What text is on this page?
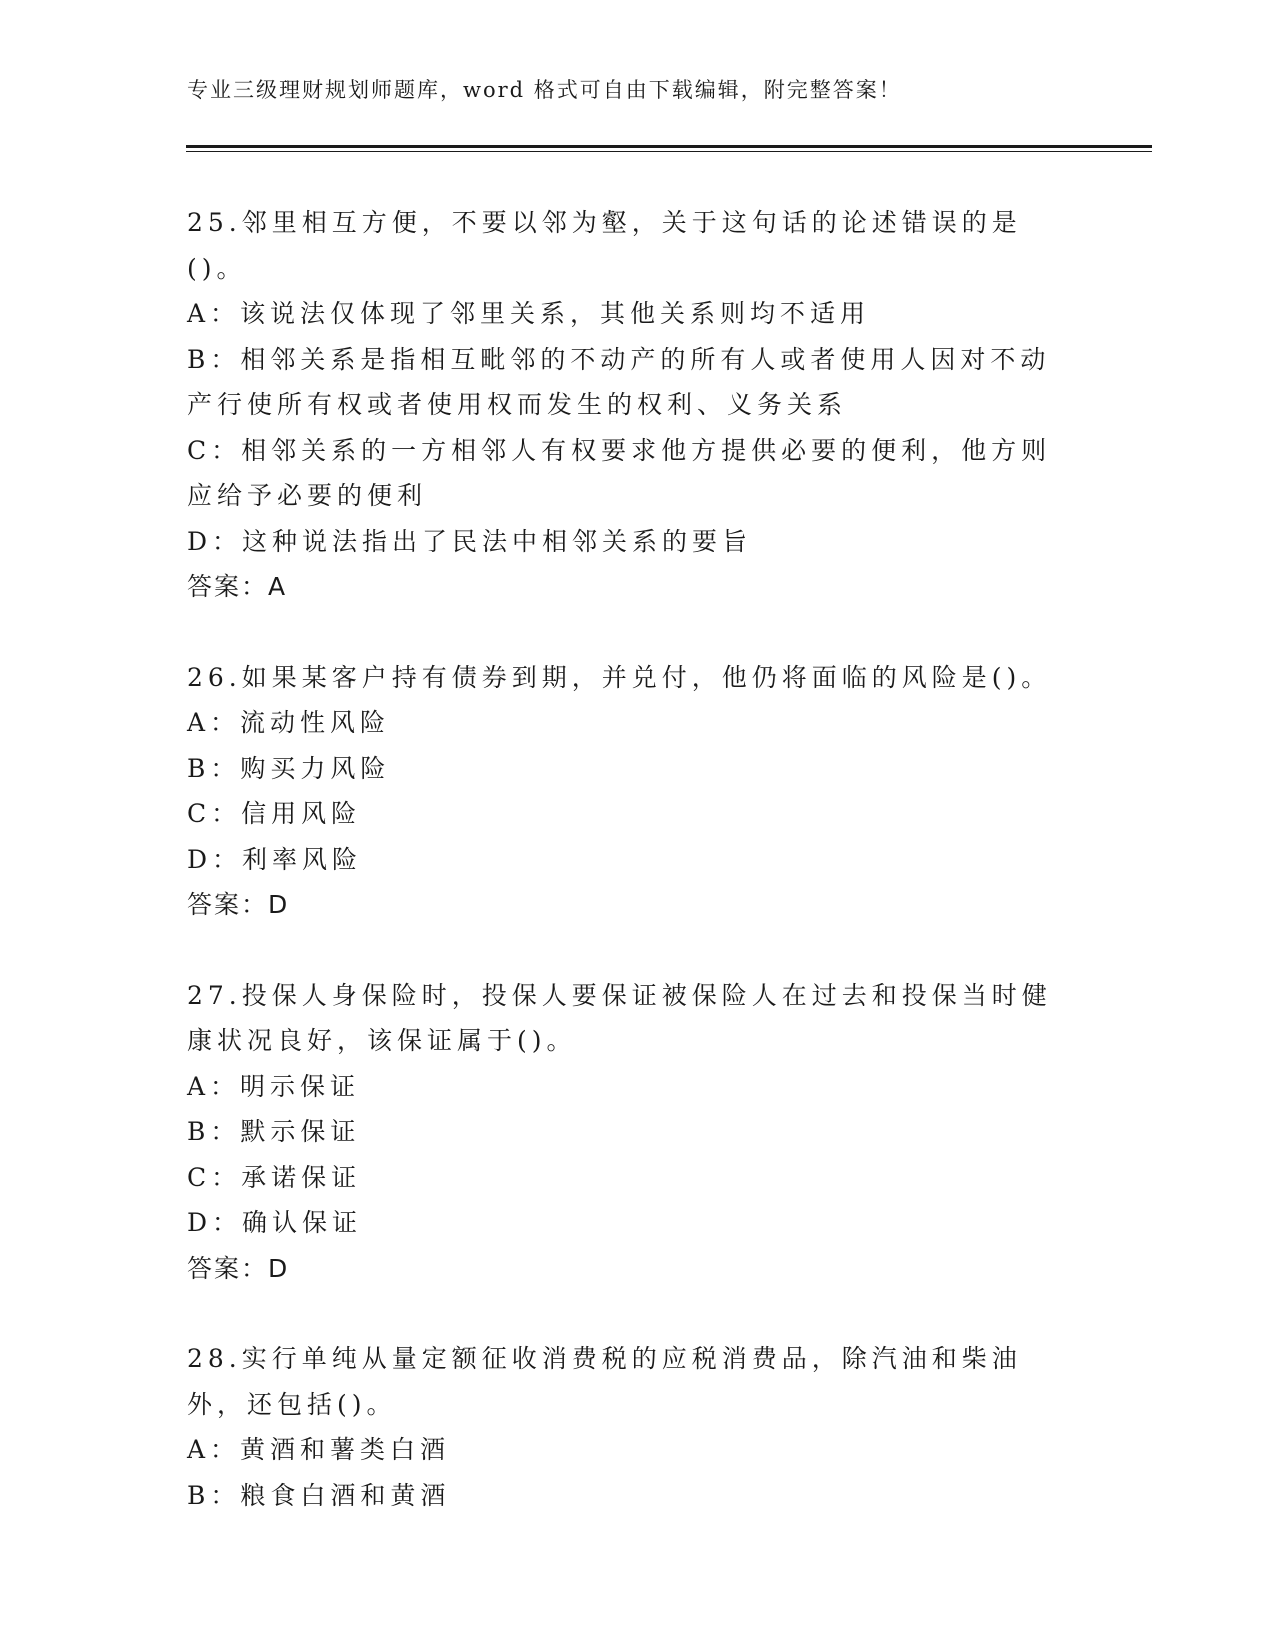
专业三级理财规划师题库，word 格式可自由下载编辑，附完整答案！
25.邻里相互方便，不要以邻为壑，关于这句话的论述错误的是()。
A：该说法仅体现了邻里关系，其他关系则均不适用
B：相邻关系是指相互毗邻的不动产的所有人或者使用人因对不动产行使所有权或者使用权而发生的权利、义务关系
C：相邻关系的一方相邻人有权要求他方提供必要的便利，他方则应给予必要的便利
D：这种说法指出了民法中相邻关系的要旨
答案：A
26.如果某客户持有债券到期，并兑付，他仍将面临的风险是()。
A：流动性风险
B：购买力风险
C：信用风险
D：利率风险
答案：D
27.投保人身保险时，投保人要保证被保险人在过去和投保当时健康状况良好，该保证属于()。
A：明示保证
B：默示保证
C：承诺保证
D：确认保证
答案：D
28.实行单纯从量定额征收消费税的应税消费品，除汽油和柴油外，还包括()。
A：黄酒和薯类白酒
B：粮食白酒和黄酒
